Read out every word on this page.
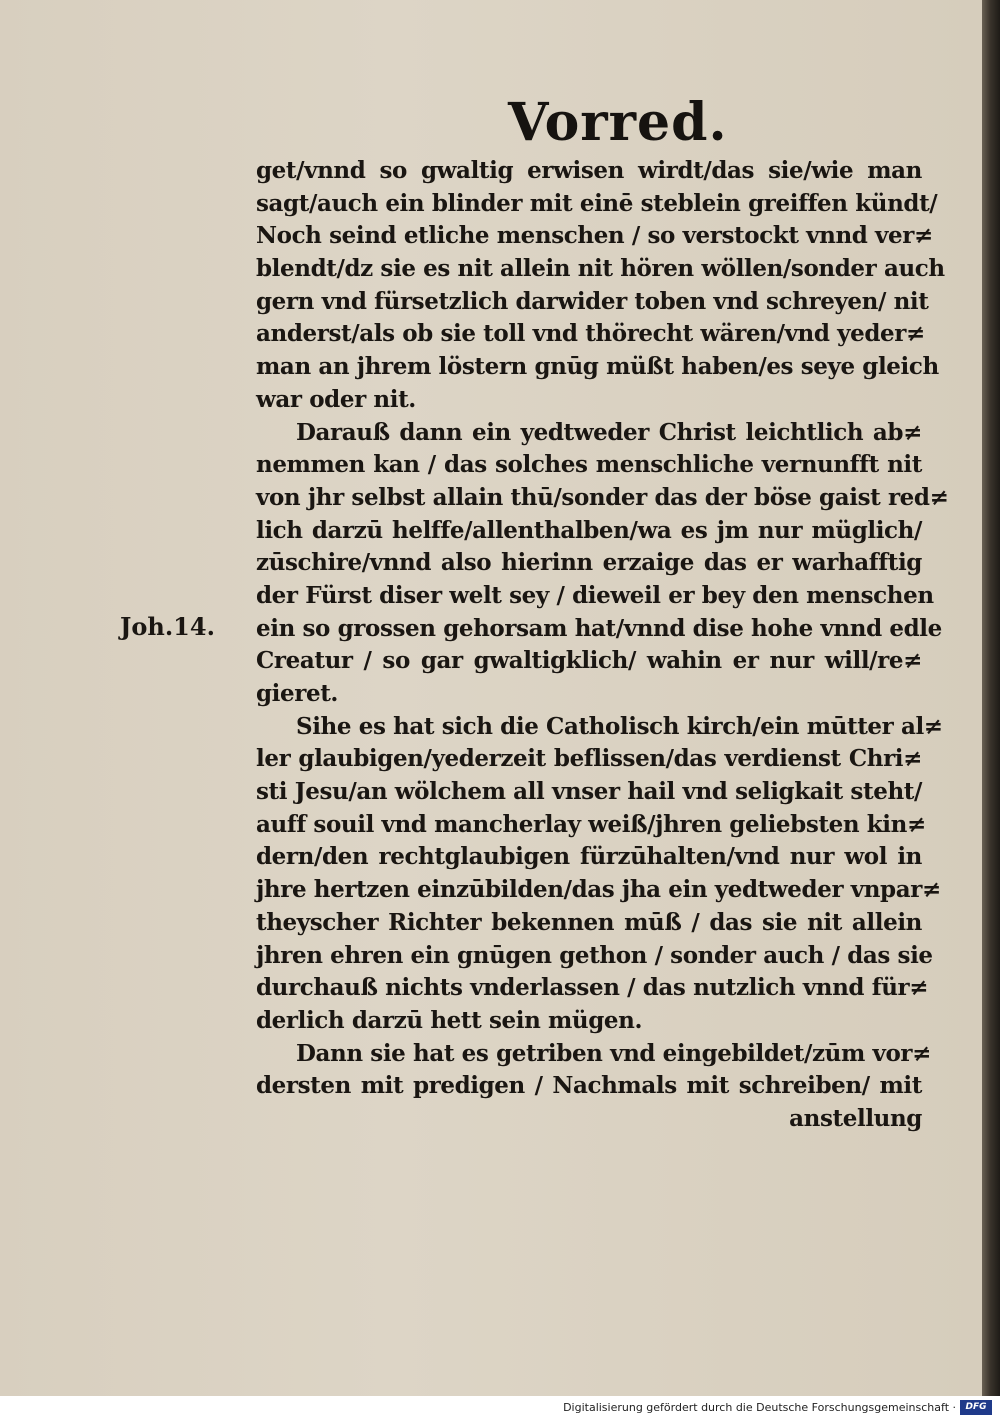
Vorred.
Joh.14.
get/vnnd so gwaltig erwisen wirdt/das sie/wie man
sagt/auch ein blinder mit einē steblein greiffen kündt/
Noch seind etliche menschen / so verstockt vnnd ver≠
blendt/dz sie es nit allein nit hören wöllen/sonder auch
gern vnd fürsetzlich darwider toben vnd schreyen/ nit
anderst/als ob sie toll vnd thörecht wären/vnd yeder≠
man an jhrem löstern gnūg müßt haben/es seye gleich
war oder nit.
Darauß dann ein yedtweder Christ leichtlich ab≠
nemmen kan / das solches menschliche vernunfft nit
von jhr selbst allain thū/sonder das der böse gaist red≠
lich darzū helffe/allenthalben/wa es jm nur müglich/
zūschire/vnnd also hierinn erzaige das er warhafftig
der Fürst diser welt sey / dieweil er bey den menschen
ein so grossen gehorsam hat/vnnd dise hohe vnnd edle
Creatur / so gar gwaltigklich/ wahin er nur will/re≠
gieret.
Sihe es hat sich die Catholisch kirch/ein mūtter al≠
ler glaubigen/yederzeit beflissen/das verdienst Chri≠
sti Jesu/an wölchem all vnser hail vnd seligkait steht/
auff souil vnd mancherlay weiß/jhren geliebsten kin≠
dern/den rechtglaubigen fürzūhalten/vnd nur wol in
jhre hertzen einzūbilden/das jha ein yedtweder vnpar≠
theyscher Richter bekennen mūß / das sie nit allein
jhren ehren ein gnūgen gethon / sonder auch / das sie
durchauß nichts vnderlassen / das nutzlich vnnd für≠
derlich darzū hett sein mügen.
Dann sie hat es getriben vnd eingebildet/zūm vor≠
dersten mit predigen / Nachmals mit schreiben/ mit
anstellung
Digitalisierung gefördert durch die Deutsche Forschungsgemeinschaft ·	DFG
